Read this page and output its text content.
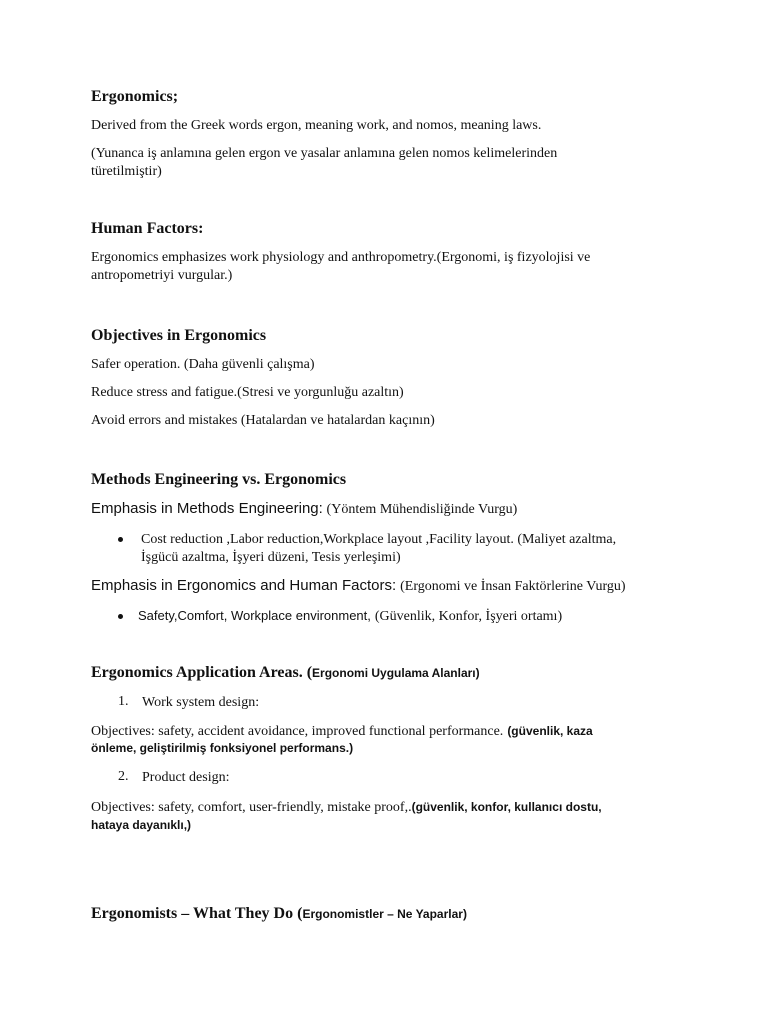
Ergonomics;
Derived from the Greek words ergon, meaning work, and nomos, meaning laws.
(Yunanca iş anlamına gelen ergon ve yasalar anlamına gelen nomos kelimelerinden
türetilmiştir)
Human Factors:
Ergonomics emphasizes work physiology and anthropometry.(Ergonomi, iş fizyolojisi ve
antropometriyi vurgular.)
Objectives in Ergonomics
Safer operation. (Daha güvenli çalışma)
Reduce stress and fatigue.(Stresi ve yorgunluğu azaltın)
Avoid errors and mistakes (Hatalardan ve hatalardan kaçının)
Methods Engineering vs. Ergonomics
Emphasis in Methods Engineering: (Yöntem Mühendisliğinde Vurgu)
Cost reduction ,Labor reduction,Workplace layout ,Facility layout. (Maliyet azaltma,
İşgücü azaltma, İşyeri düzeni, Tesis yerleşimi)
Emphasis in Ergonomics and Human Factors: (Ergonomi ve İnsan Faktörlerine Vurgu)
Safety,Comfort, Workplace environment, (Güvenlik, Konfor, İşyeri ortamı)
Ergonomics Application Areas. (Ergonomi Uygulama Alanları)
1. Work system design:
Objectives: safety, accident avoidance, improved functional performance. (güvenlik, kaza
önleme, geliştirilmiş fonksiyonel performans.)
2. Product design:
Objectives: safety, comfort, user-friendly, mistake proof,.(güvenlik, konfor, kullanıcı dostu,
hataya dayanıklı,)
Ergonomists – What They Do (Ergonomistler – Ne Yaparlar)
